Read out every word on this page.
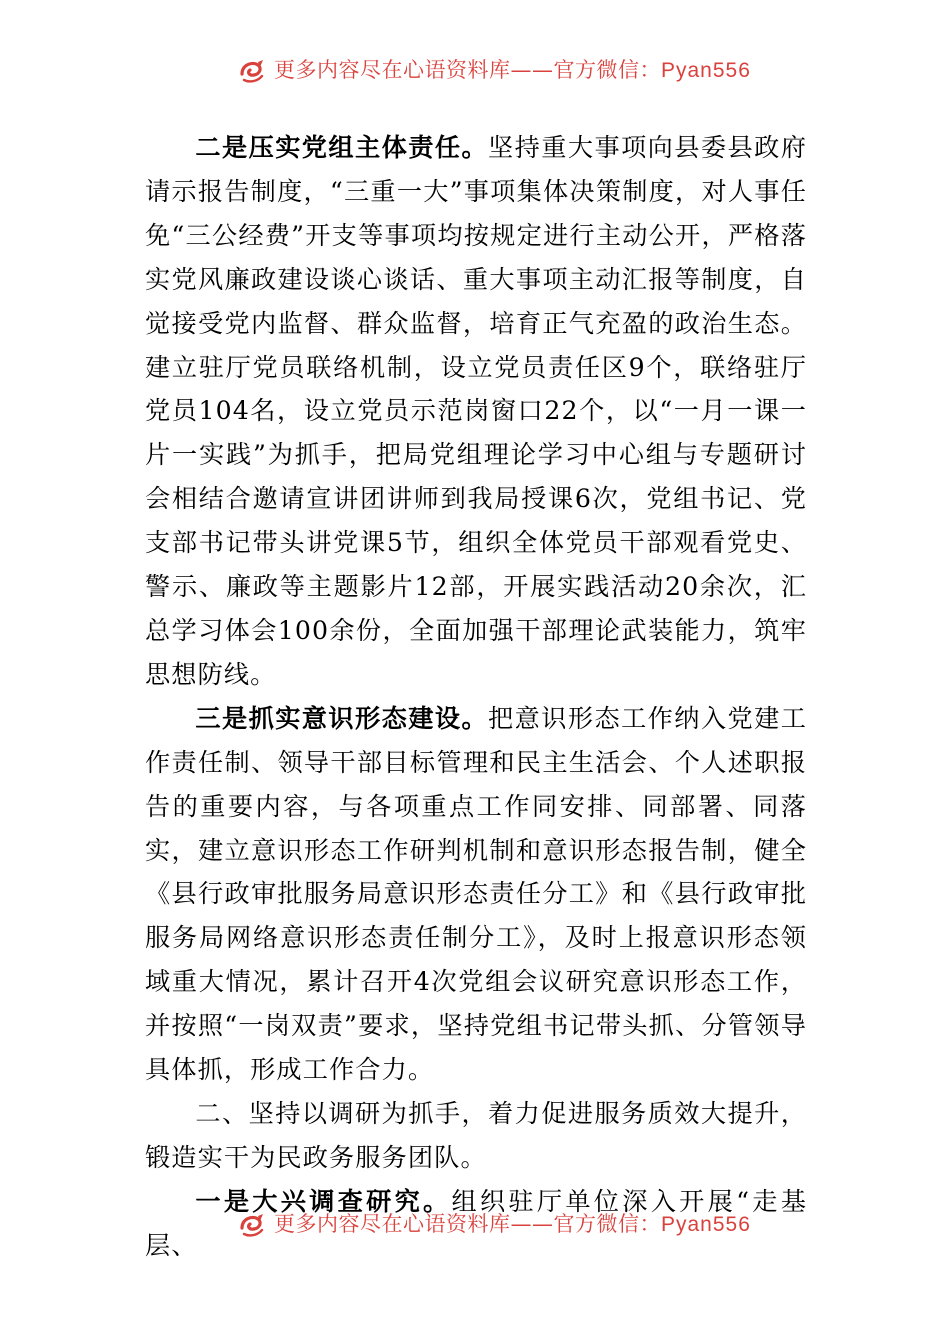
更多内容尽在心语资料库——官方微信：Pyan556

二是压实党组主体责任。坚持重大事项向县委县政府请示报告制度，“三重一大”事项集体决策制度，对人事任免“三公经费”开支等事项均按规定进行主动公开，严格落实党风廉政建设谈心谈话、重大事项主动汇报等制度，自觉接受党内监督、群众监督，培育正气充盈的政治生态。建立驻厅党员联络机制，设立党员责任区9个，联络驻厅党员104名，设立党员示范岗窗口22个，以“一月一课一片一实践”为抓手，把局党组理论学习中心组与专题研讨会相结合邀请宣讲团讲师到我局授课6次，党组书记、党支部书记带头讲党课5节，组织全体党员干部观看党史、警示、廉政等主题影片12部，开展实践活动20余次，汇总学习体会100余份，全面加强干部理论武装能力，筑牢思想防线。

三是抓实意识形态建设。把意识形态工作纳入党建工作责任制、领导干部目标管理和民主生活会、个人述职报告的重要内容，与各项重点工作同安排、同部署、同落实，建立意识形态工作研判机制和意识形态报告制，健全《县行政审批服务局意识形态责任分工》和《县行政审批服务局网络意识形态责任制分工》，及时上报意识形态领域重大情况，累计召开4次党组会议研究意识形态工作，并按照“一岗双责”要求，坚持党组书记带头抓、分管领导具体抓，形成工作合力。

二、坚持以调研为抓手，着力促进服务质效大提升，锻造实干为民政务服务团队。

一是大兴调查研究。组织驻厅单位深入开展“走基层、

更多内容尽在心语资料库——官方微信：Pyan556
